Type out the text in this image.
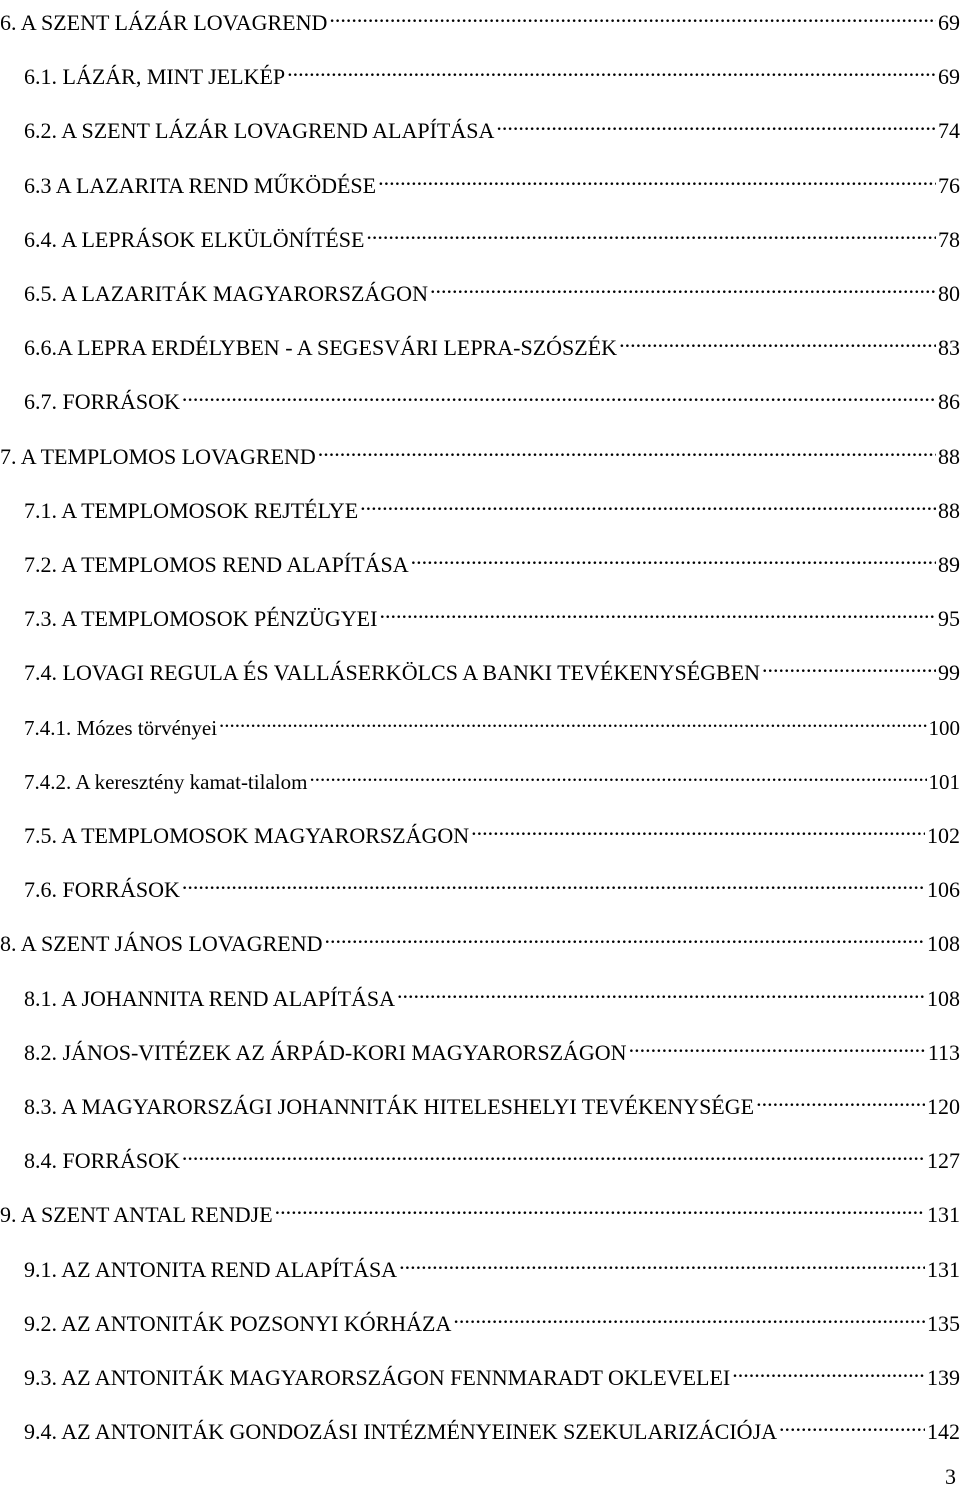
6. A SZENT LÁZÁR LOVAGREND .....	69
6.1. LÁZÁR, MINT JELKÉP .....	69
6.2. A SZENT LÁZÁR LOVAGREND ALAPÍTÁSA .....	74
6.3 A LAZARITA REND MŰKÖDÉSE .....	76
6.4. A LEPRÁSOK ELKÜLÖNÍTÉSE .....	78
6.5. A LAZARITÁK MAGYARORSZÁGON .....	80
6.6.A LEPRA ERDÉLYBEN - A SEGESVÁRI LEPRA-SZÓSZÉK .....	83
6.7. FORRÁSOK .....	86
7. A TEMPLOMOS LOVAGREND .....	88
7.1. A TEMPLOMOSOK REJTÉLYE .....	88
7.2. A TEMPLOMOS REND ALAPÍTÁSA .....	89
7.3. A TEMPLOMOSOK PÉNZÜGYEI .....	95
7.4. LOVAGI REGULA ÉS VALLÁSERKÖLCS A BANKI TEVÉKENYSÉGBEN .....	99
7.4.1. Mózes törvényei .....	100
7.4.2. A keresztény kamat-tilalom .....	101
7.5. A TEMPLOMOSOK MAGYARORSZÁGON .....	102
7.6. FORRÁSOK .....	106
8. A SZENT JÁNOS LOVAGREND .....	108
8.1. A JOHANNITA REND ALAPÍTÁSA .....	108
8.2. JÁNOS-VITÉZEK AZ ÁRPÁD-KORI MAGYARORSZÁGON .....	113
8.3. A MAGYARORSZÁGI JOHANNITÁK HITELESHELYI TEVÉKENYSÉGE .....	120
8.4. FORRÁSOK .....	127
9. A SZENT ANTAL RENDJE .....	131
9.1. AZ ANTONITA REND ALAPÍTÁSA .....	131
9.2. AZ ANTONITÁK POZSONYI KÓRHÁZA .....	135
9.3. AZ ANTONITÁK MAGYARORSZÁGON FENNMARADT OKLEVELEI .....	139
9.4. AZ ANTONITÁK GONDOZÁSI INTÉZMÉNYEINEK SZEKULARIZÁCIÓJA .....	142
3
